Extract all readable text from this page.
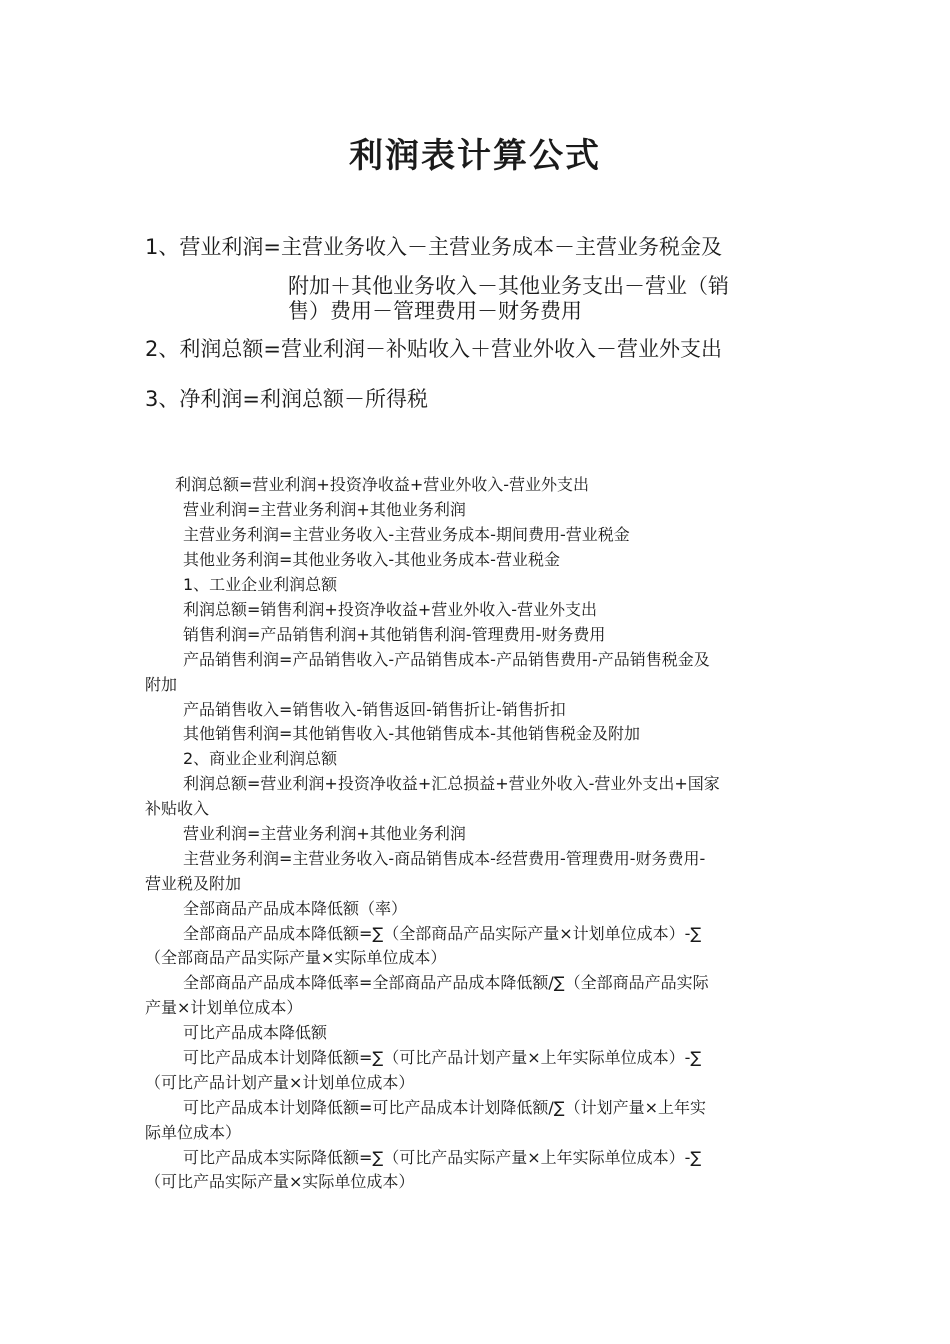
利润表计算公式
1、营业利润=主营业务收入－主营业务成本－主营业务税金及
附加＋其他业务收入－其他业务支出－营业（销
售）费用－管理费用－财务费用
2、利润总额=营业利润－补贴收入＋营业外收入－营业外支出
3、净利润=利润总额－所得税
利润总额=营业利润+投资净收益+营业外收入-营业外支出
营业利润=主营业务利润+其他业务利润
主营业务利润=主营业务收入-主营业务成本-期间费用-营业税金
其他业务利润=其他业务收入-其他业务成本-营业税金
1、工业企业利润总额
利润总额=销售利润+投资净收益+营业外收入-营业外支出
销售利润=产品销售利润+其他销售利润-管理费用-财务费用
产品销售利润=产品销售收入-产品销售成本-产品销售费用-产品销售税金及
附加
产品销售收入=销售收入-销售返回-销售折让-销售折扣
其他销售利润=其他销售收入-其他销售成本-其他销售税金及附加
2、商业企业利润总额
利润总额=营业利润+投资净收益+汇总损益+营业外收入-营业外支出+国家
补贴收入
营业利润=主营业务利润+其他业务利润
主营业务利润=主营业务收入-商品销售成本-经营费用-管理费用-财务费用-
营业税及附加
全部商品产品成本降低额（率）
全部商品产品成本降低额=∑（全部商品产品实际产量×计划单位成本）-∑
（全部商品产品实际产量×实际单位成本）
全部商品产品成本降低率=全部商品产品成本降低额/∑（全部商品产品实际
产量×计划单位成本）
可比产品成本降低额
可比产品成本计划降低额=∑（可比产品计划产量×上年实际单位成本）-∑
（可比产品计划产量×计划单位成本）
可比产品成本计划降低额=可比产品成本计划降低额/∑（计划产量×上年实
际单位成本）
可比产品成本实际降低额=∑（可比产品实际产量×上年实际单位成本）-∑
（可比产品实际产量×实际单位成本）
